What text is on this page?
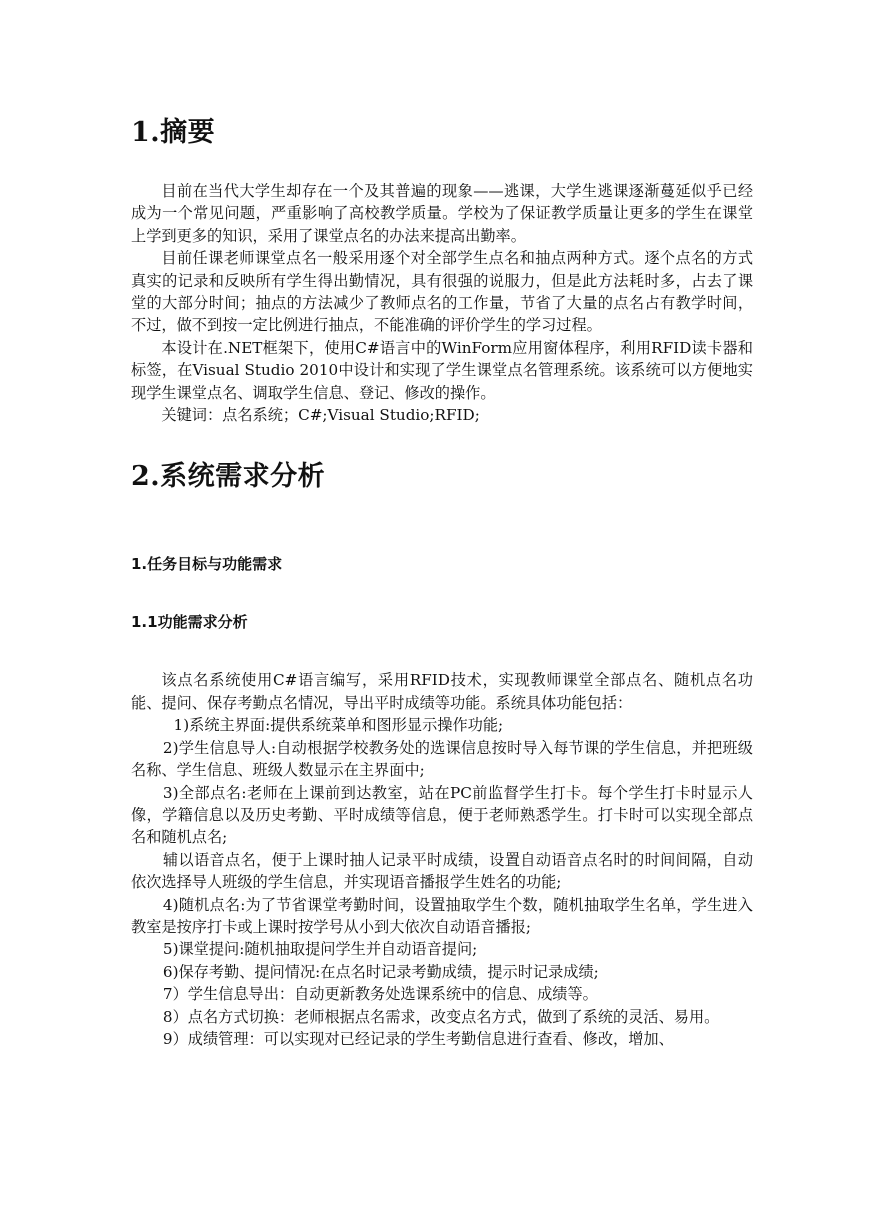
1.摘要

目前在当代大学生却存在一个及其普遍的现象——逃课，大学生逃课逐渐蔓延似乎已经成为一个常见问题，严重影响了高校教学质量。学校为了保证教学质量让更多的学生在课堂上学到更多的知识，采用了课堂点名的办法来提高出勤率。

目前任课老师课堂点名一般采用逐个对全部学生点名和抽点两种方式。逐个点名的方式真实的记录和反映所有学生得出勤情况，具有很强的说服力，但是此方法耗时多，占去了课堂的大部分时间；抽点的方法减少了教师点名的工作量，节省了大量的点名占有教学时间，不过，做不到按一定比例进行抽点，不能准确的评价学生的学习过程。

本设计在.NET框架下，使用C#语言中的WinForm应用窗体程序，利用RFID读卡器和标签，在Visual Studio 2010中设计和实现了学生课堂点名管理系统。该系统可以方便地实现学生课堂点名、调取学生信息、登记、修改的操作。

关键词：点名系统；C#;Visual Studio;RFID;

2.系统需求分析
1.任务目标与功能需求
1.1功能需求分析

该点名系统使用C#语言编写，采用RFID技术，实现教师课堂全部点名、随机点名功能、提问、保存考勤点名情况，导出平时成绩等功能。系统具体功能包括：

1)系统主界面:提供系统菜单和图形显示操作功能;

2)学生信息导人:自动根据学校教务处的选课信息按时导入每节课的学生信息，并把班级名称、学生信息、班级人数显示在主界面中;

3)全部点名:老师在上课前到达教室，站在PC前监督学生打卡。每个学生打卡时显示人像，学籍信息以及历史考勤、平时成绩等信息，便于老师熟悉学生。打卡时可以实现全部点名和随机点名;

辅以语音点名，便于上课时抽人记录平时成绩，设置自动语音点名时的时间间隔，自动依次选择导人班级的学生信息，并实现语音播报学生姓名的功能;

4)随机点名:为了节省课堂考勤时间，设置抽取学生个数，随机抽取学生名单，学生进入教室是按序打卡或上课时按学号从小到大依次自动语音播报;

5)课堂提问:随机抽取提问学生并自动语音提问;

6)保存考勤、提问情况:在点名时记录考勤成绩，提示时记录成绩;

7）学生信息导出：自动更新教务处选课系统中的信息、成绩等。

8）点名方式切换：老师根据点名需求，改变点名方式，做到了系统的灵活、易用。

9）成绩管理：可以实现对已经记录的学生考勤信息进行查看、修改，增加、
